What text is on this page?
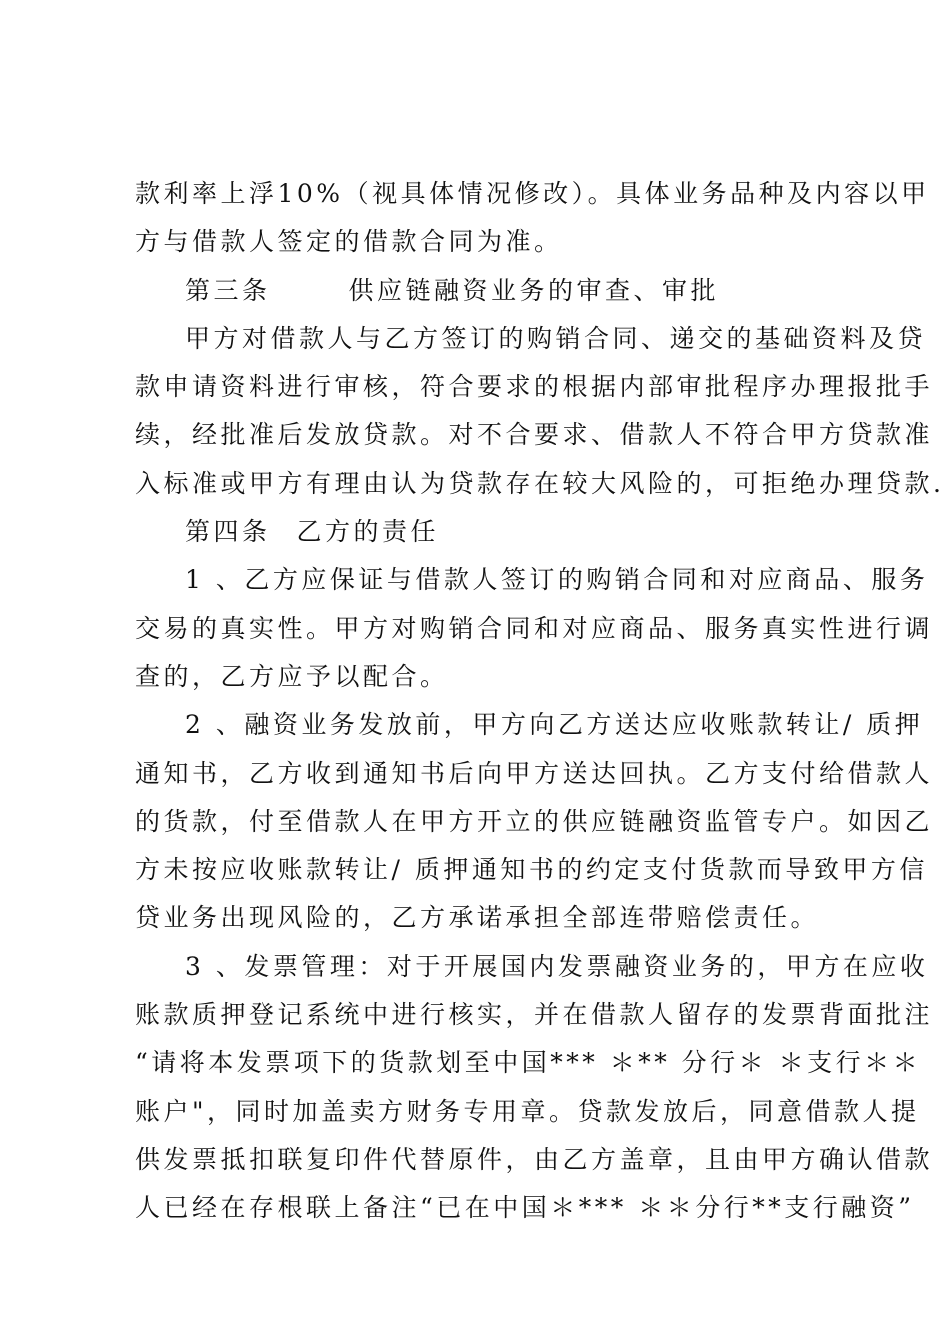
款利率上浮10%（视具体情况修改）。具体业务品种及内容以甲
方与借款人签定的借款合同为准。
第三条	供应链融资业务的审查、审批
甲方对借款人与乙方签订的购销合同、递交的基础资料及贷
款申请资料进行审核，符合要求的根据内部审批程序办理报批手
续，经批准后发放贷款。对不合要求、借款人不符合甲方贷款准
入标准或甲方有理由认为贷款存在较大风险的，可拒绝办理贷款.
第四条 乙方的责任
1 、乙方应保证与借款人签订的购销合同和对应商品、服务
交易的真实性。甲方对购销合同和对应商品、服务真实性进行调
查的，乙方应予以配合。
2 、融资业务发放前，甲方向乙方送达应收账款转让/ 质押
通知书，乙方收到通知书后向甲方送达回执。乙方支付给借款人
的货款，付至借款人在甲方开立的供应链融资监管专户。如因乙
方未按应收账款转让/ 质押通知书的约定支付货款而导致甲方信
贷业务出现风险的，乙方承诺承担全部连带赔偿责任。
3 、发票管理：对于开展国内发票融资业务的，甲方在应收
账款质押登记系统中进行核实，并在借款人留存的发票背面批注
“请将本发票项下的货款划至中国*** ＊** 分行＊ ＊支行＊＊
账户"，同时加盖卖方财务专用章。贷款发放后，同意借款人提
供发票抵扣联复印件代替原件，由乙方盖章，且由甲方确认借款
人已经在存根联上备注“已在中国＊*** ＊＊分行**支行融资”
